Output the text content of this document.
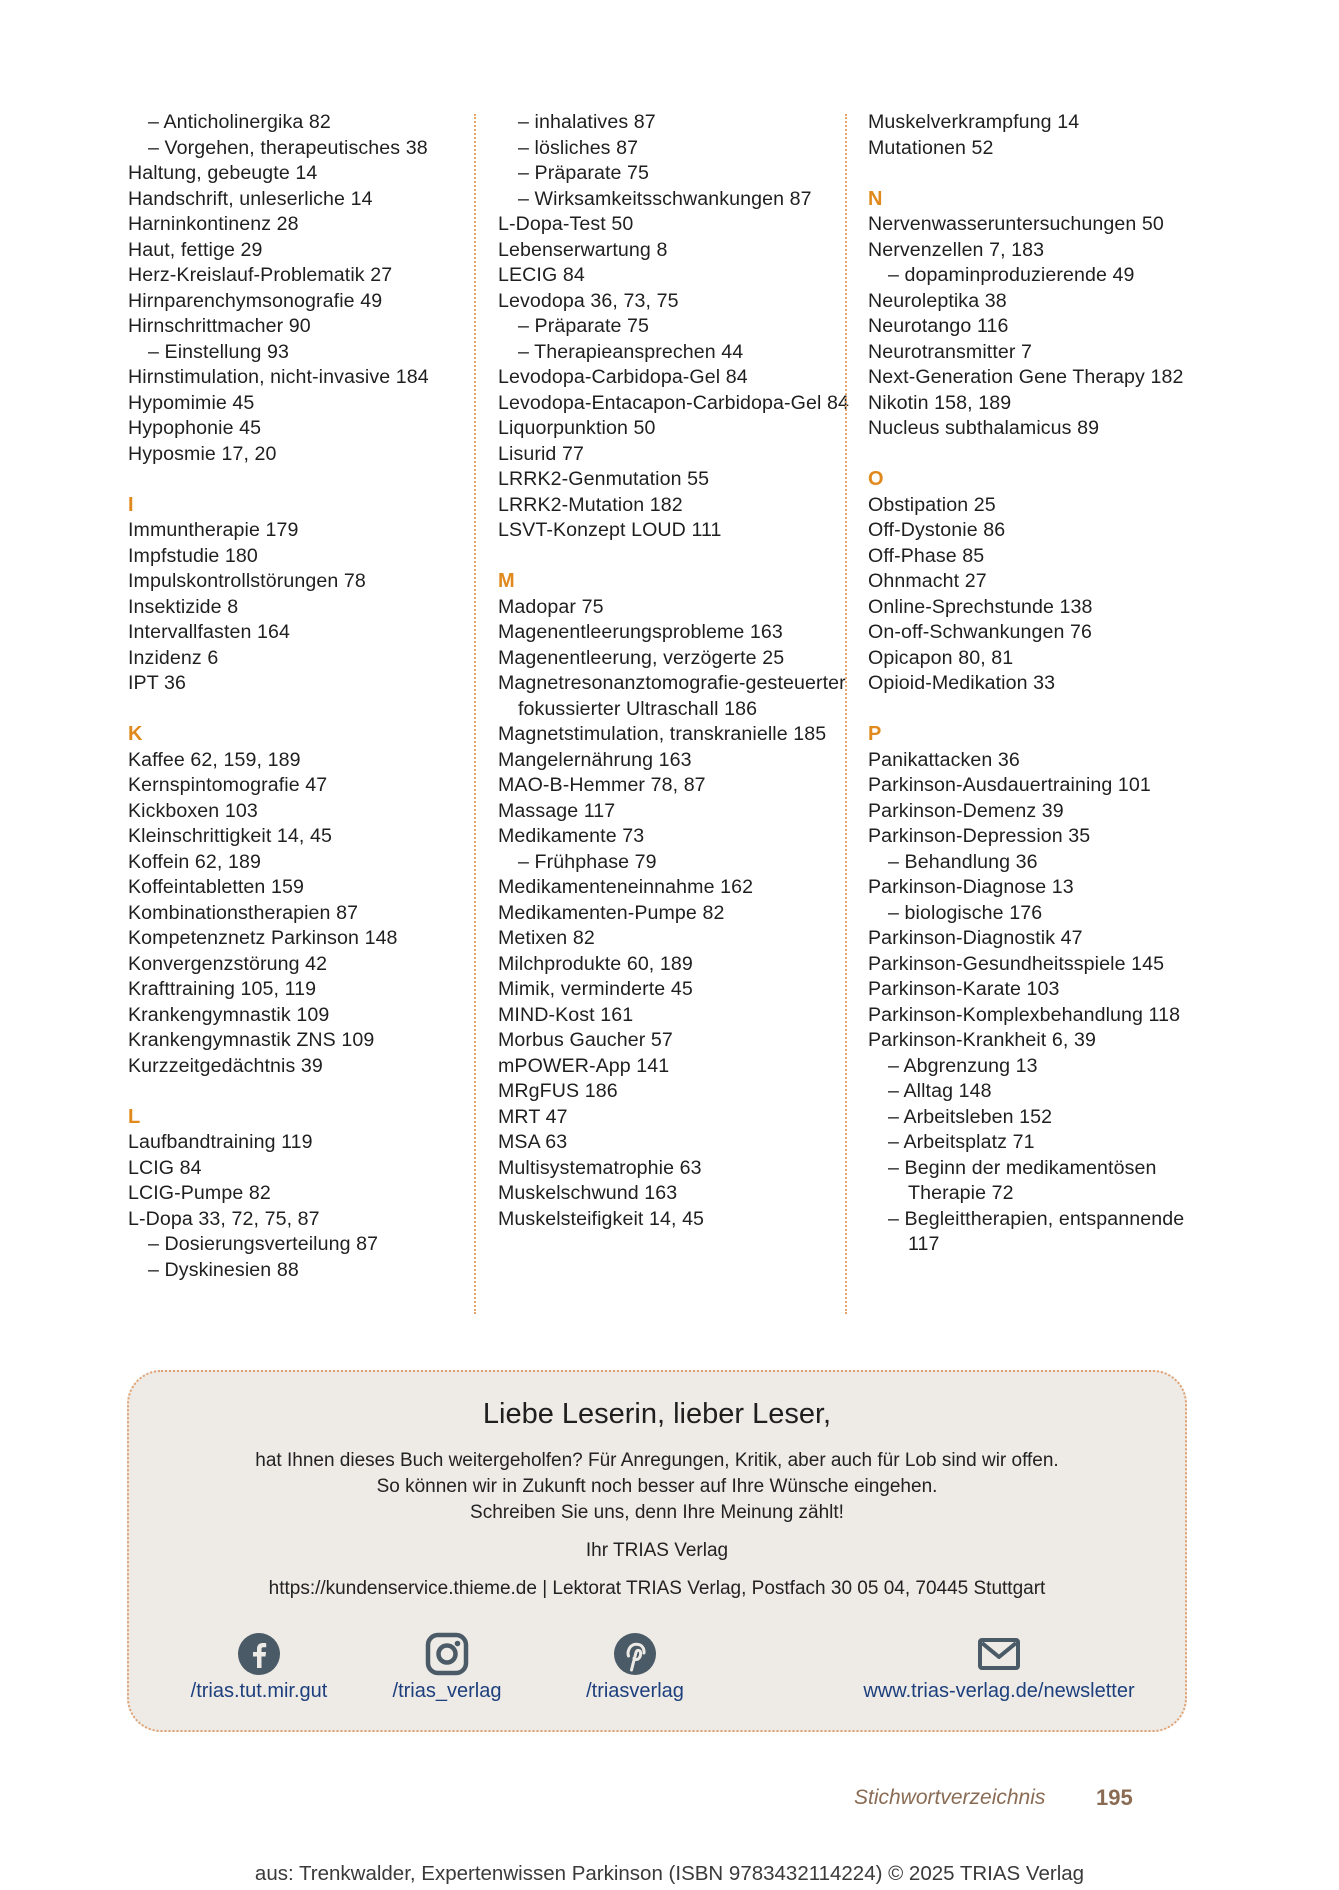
– Anticholinergika 82
– Vorgehen, therapeutisches 38
Haltung, gebeugte 14
Handschrift, unleserliche 14
Harninkontinenz 28
Haut, fettige 29
Herz-Kreislauf-Problematik 27
Hirnparenchymsonografie 49
Hirnschrittmacher 90
– Einstellung 93
Hirnstimulation, nicht-invasive 184
Hypomimie 45
Hypophonie 45
Hyposmie 17, 20
I
Immuntherapie 179
Impfstudie 180
Impulskontrollstörungen 78
Insektizide 8
Intervallfasten 164
Inzidenz 6
IPT 36
K
Kaffee 62, 159, 189
Kernspintomografie 47
Kickboxen 103
Kleinschrittigkeit 14, 45
Koffein 62, 189
Koffeintabletten 159
Kombinationstherapien 87
Kompetenznetz Parkinson 148
Konvergenzstörung 42
Krafttraining 105, 119
Krankengymnastik 109
Krankengymnastik ZNS 109
Kurzzeitgedächtnis 39
L
Laufbandtraining 119
LCIG 84
LCIG-Pumpe 82
L-Dopa 33, 72, 75, 87
– Dosierungsverteilung 87
– Dyskinesien 88
– inhalatives 87
– lösliches 87
– Präparate 75
– Wirksamkeitsschwankungen 87
L-Dopa-Test 50
Lebenserwartung 8
LECIG 84
Levodopa 36, 73, 75
– Präparate 75
– Therapieansprechen 44
Levodopa-Carbidopa-Gel 84
Levodopa-Entacapon-Carbidopa-Gel 84
Liquorpunktion 50
Lisurid 77
LRRK2-Genmutation 55
LRRK2-Mutation 182
LSVT-Konzept LOUD 111
M
Madopar 75
Magenentleerungsprobleme 163
Magenentleerung, verzögerte 25
Magnetresonanztomografie-gesteuerter fokussierter Ultraschall 186
Magnetstimulation, transkranielle 185
Mangelernährung 163
MAO-B-Hemmer 78, 87
Massage 117
Medikamente 73
– Frühphase 79
Medikamenteneinnahme 162
Medikamenten-Pumpe 82
Metixen 82
Milchprodukte 60, 189
Mimik, verminderte 45
MIND-Kost 161
Morbus Gaucher 57
mPOWER-App 141
MRgFUS 186
MRT 47
MSA 63
Multisystematrophie 63
Muskelschwund 163
Muskelsteifigkeit 14, 45
Muskelverkrampfung 14
Mutationen 52
N
Nervenwasseruntersuchungen 50
Nervenzellen 7, 183
– dopaminproduzierende 49
Neuroleptika 38
Neurotango 116
Neurotransmitter 7
Next-Generation Gene Therapy 182
Nikotin 158, 189
Nucleus subthalamicus 89
O
Obstipation 25
Off-Dystonie 86
Off-Phase 85
Ohnmacht 27
Online-Sprechstunde 138
On-off-Schwankungen 76
Opicapon 80, 81
Opioid-Medikation 33
P
Panikattacken 36
Parkinson-Ausdauertraining 101
Parkinson-Demenz 39
Parkinson-Depression 35
– Behandlung 36
Parkinson-Diagnose 13
– biologische 176
Parkinson-Diagnostik 47
Parkinson-Gesundheitsspiele 145
Parkinson-Karate 103
Parkinson-Komplexbehandlung 118
Parkinson-Krankheit 6, 39
– Abgrenzung 13
– Alltag 148
– Arbeitsleben 152
– Arbeitsplatz 71
– Beginn der medikamentösen Therapie 72
– Begleittherapien, entspannende 117
Liebe Leserin, lieber Leser,
hat Ihnen dieses Buch weitergeholfen? Für Anregungen, Kritik, aber auch für Lob sind wir offen.
So können wir in Zukunft noch besser auf Ihre Wünsche eingehen.
Schreiben Sie uns, denn Ihre Meinung zählt!
Ihr TRIAS Verlag
https://kundenservice.thieme.de | Lektorat TRIAS Verlag, Postfach 30 05 04, 70445 Stuttgart
/trias.tut.mir.gut	/trias_verlag	/triasverlag	www.trias-verlag.de/newsletter
Stichwortverzeichnis 195
aus: Trenkwalder, Expertenwissen Parkinson (ISBN 9783432114224) © 2025 TRIAS Verlag
